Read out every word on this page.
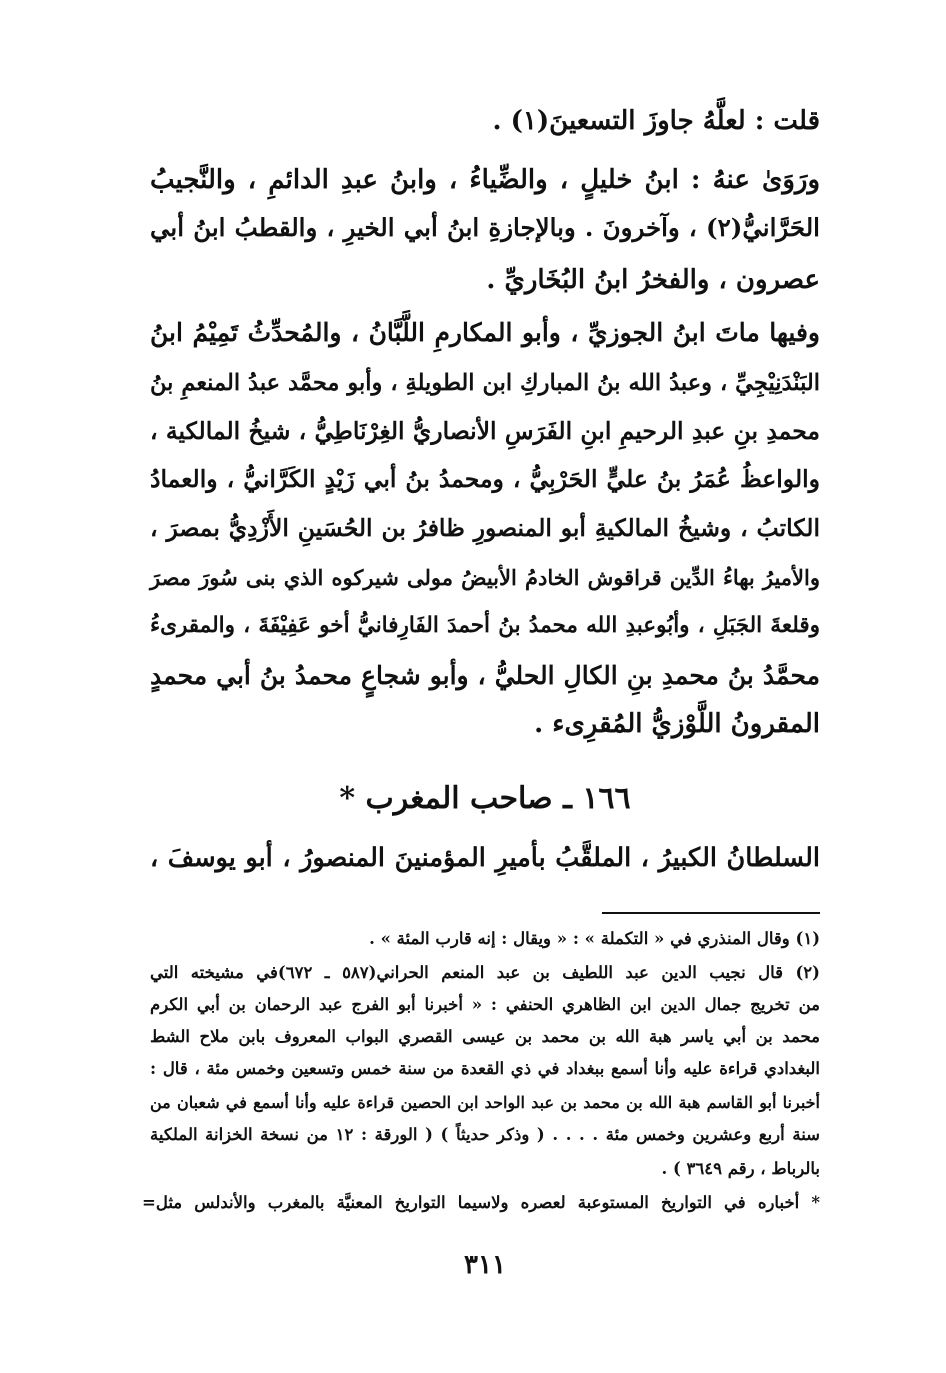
قلت : لعلَّهُ جاوزَ التسعينَ(١) .
ورَوَىٰ عنهُ : ابنُ خليلٍ ، والضِّياءُ ، وابنُ عبدِ الدائمِ ، والنَّجيبُ
الحَرَّانيُّ(٢) ، وآخرونَ . وبالإجازةِ ابنُ أبي الخيرِ ، والقطبُ ابنُ أبي
عصرون ، والفخرُ ابنُ البُخَاريِّ .
وفيها ماتَ ابنُ الجوزيِّ ، وأبو المكارمِ اللَّبَّانُ ، والمُحدِّثُ تَمِيْمُ ابنُ
البَنْدَنِيْجِيِّ ، وعبدُ الله بنُ المباركِ ابن الطويلةِ ، وأبو محمَّد عبدُ المنعمِ بنُ
محمدِ بنِ عبدِ الرحيمِ ابنِ الفَرَسِ الأنصاريُّ الغِرْنَاطِيُّ ، شيخُ المالكية ،
والواعظُ عُمَرُ بنُ عليٍّ الحَرْبِيُّ ، ومحمدُ بنُ أبي زَيْدٍ الكَرَّانيُّ ، والعمادُ
الكاتبُ ، وشيخُ المالكيةِ أبو المنصورِ ظافرُ بن الحُسَينِ الأَزْدِيُّ بمصرَ ،
والأميرُ بهاءُ الدِّين قراقوش الخادمُ الأبيضُ مولى شيركوه الذي بنى سُورَ مصرَ
وقلعةَ الجَبَلِ ، وأبُوعبدِ الله محمدُ بنُ أحمدَ الفَارِفانيُّ أخو عَفِيْفَةَ ، والمقرىءُ
محمَّدُ بنُ محمدِ بنِ الكالِ الحليُّ ، وأبو شجاعٍ محمدُ بنُ أبي محمدٍ
المقرونُ اللَّوْزيُّ المُقرِىء .
١٦٦ ـ صاحب المغرب *
السلطانُ الكبيرُ ، الملقَّبُ بأميرِ المؤمنينَ المنصورُ ، أبو يوسفَ ،
(١) وقال المنذري في « التكملة » : « ويقال : إنه قارب المئة » .
(٢) قال نجيب الدين عبد اللطيف بن عبد المنعم الحراني(٥٨٧ ـ ٦٧٢)في مشيخته التي
من تخريج جمال الدين ابن الظاهري الحنفي : « أخبرنا أبو الفرج عبد الرحمان بن أبي الكرم
محمد بن أبي ياسر هبة الله بن محمد بن عيسى القصري البواب المعروف بابن ملاح الشط
البغدادي قراءة عليه وأنا أسمع ببغداد في ذي القعدة من سنة خمس وتسعين وخمس مئة ، قال :
أخبرنا أبو القاسم هبة الله بن محمد بن عبد الواحد ابن الحصين قراءة عليه وأنا أسمع في شعبان من
سنة أربع وعشرين وخمس مئة . . . . ( وذكر حديثاً ) ( الورقة : ١٢ من نسخة الخزانة الملكية
بالرباط ، رقم ٣٦٤٩ ) .
* أخباره في التواريخ المستوعبة لعصره ولاسيما التواريخ المعنيَّة بالمغرب والأندلس مثل=
٣١١
